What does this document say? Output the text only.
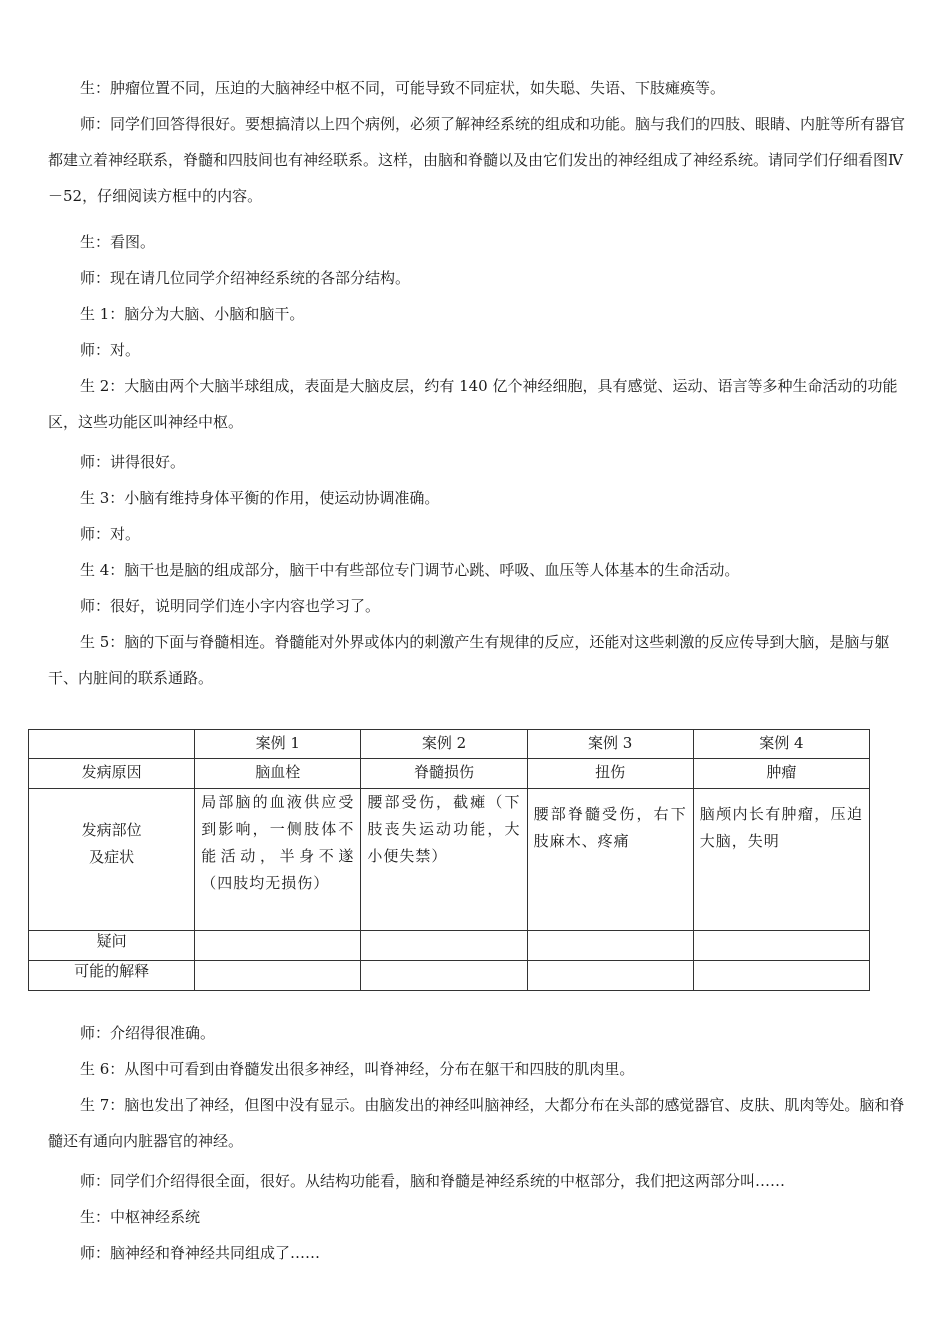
生：肿瘤位置不同，压迫的大脑神经中枢不同，可能导致不同症状，如失聪、失语、下肢瘫痪等。

师：同学们回答得很好。要想搞清以上四个病例，必须了解神经系统的组成和功能。脑与我们的四肢、眼睛、内脏等所有器官都建立着神经联系，脊髓和四肢间也有神经联系。这样，由脑和脊髓以及由它们发出的神经组成了神经系统。请同学们仔细看图Ⅳ－52，仔细阅读方框中的内容。

生：看图。

师：现在请几位同学介绍神经系统的各部分结构。

生 1：脑分为大脑、小脑和脑干。

师：对。

生 2：大脑由两个大脑半球组成，表面是大脑皮层，约有 140 亿个神经细胞，具有感觉、运动、语言等多种生命活动的功能区，这些功能区叫神经中枢。

师：讲得很好。

生 3：小脑有维持身体平衡的作用，使运动协调准确。

师：对。

生 4：脑干也是脑的组成部分，脑干中有些部位专门调节心跳、呼吸、血压等人体基本的生命活动。

师：很好，说明同学们连小字内容也学习了。

生 5：脑的下面与脊髓相连。脊髓能对外界或体内的刺激产生有规律的反应，还能对这些刺激的反应传导到大脑，是脑与躯干、内脏间的联系通路。

	案例 1	案例 2	案例 3	案例 4
发病原因	脑血栓	脊髓损伤	扭伤	肿瘤
发病部位
及症状	局部脑的血液供应受到影响，一侧肢体不能活动，半身不遂（四肢均无损伤）	腰部受伤，截瘫（下肢丧失运动功能，大小便失禁）	腰部脊髓受伤，右下肢麻木、疼痛	脑颅内长有肿瘤，压迫大脑，失明
疑问				
可能的解释				

师：介绍得很准确。

生 6：从图中可看到由脊髓发出很多神经，叫脊神经，分布在躯干和四肢的肌肉里。

生 7：脑也发出了神经，但图中没有显示。由脑发出的神经叫脑神经，大都分布在头部的感觉器官、皮肤、肌肉等处。脑和脊髓还有通向内脏器官的神经。

师：同学们介绍得很全面，很好。从结构功能看，脑和脊髓是神经系统的中枢部分，我们把这两部分叫……

生：中枢神经系统

师：脑神经和脊神经共同组成了……
